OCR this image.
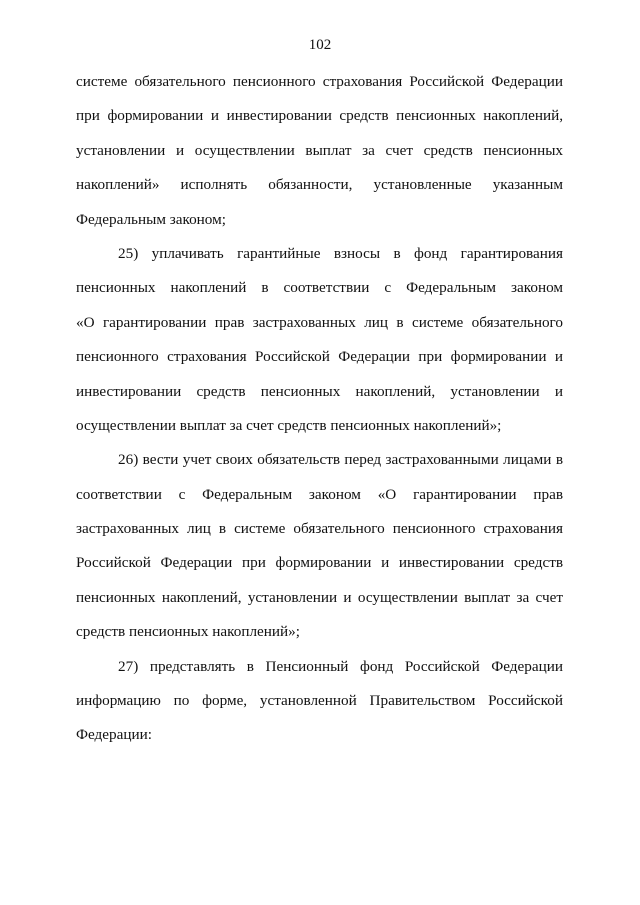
102
системе обязательного пенсионного страхования Российской Федерации
при формировании и инвестировании средств пенсионных накоплений,
установлении и осуществлении выплат за счет средств пенсионных
накоплений» исполнять обязанности, установленные указанным
Федеральным законом;
25) уплачивать гарантийные взносы в фонд гарантирования
пенсионных накоплений в соответствии с Федеральным законом
«О гарантировании прав застрахованных лиц в системе обязательного
пенсионного страхования Российской Федерации при формировании и
инвестировании средств пенсионных накоплений, установлении и
осуществлении выплат за счет средств пенсионных накоплений»;
26) вести учет своих обязательств перед застрахованными лицами в
соответствии с Федеральным законом «О гарантировании прав
застрахованных лиц в системе обязательного пенсионного страхования
Российской Федерации при формировании и инвестировании средств
пенсионных накоплений, установлении и осуществлении выплат за счет
средств пенсионных накоплений»;
27) представлять в Пенсионный фонд Российской Федерации
информацию по форме, установленной Правительством Российской
Федерации:
